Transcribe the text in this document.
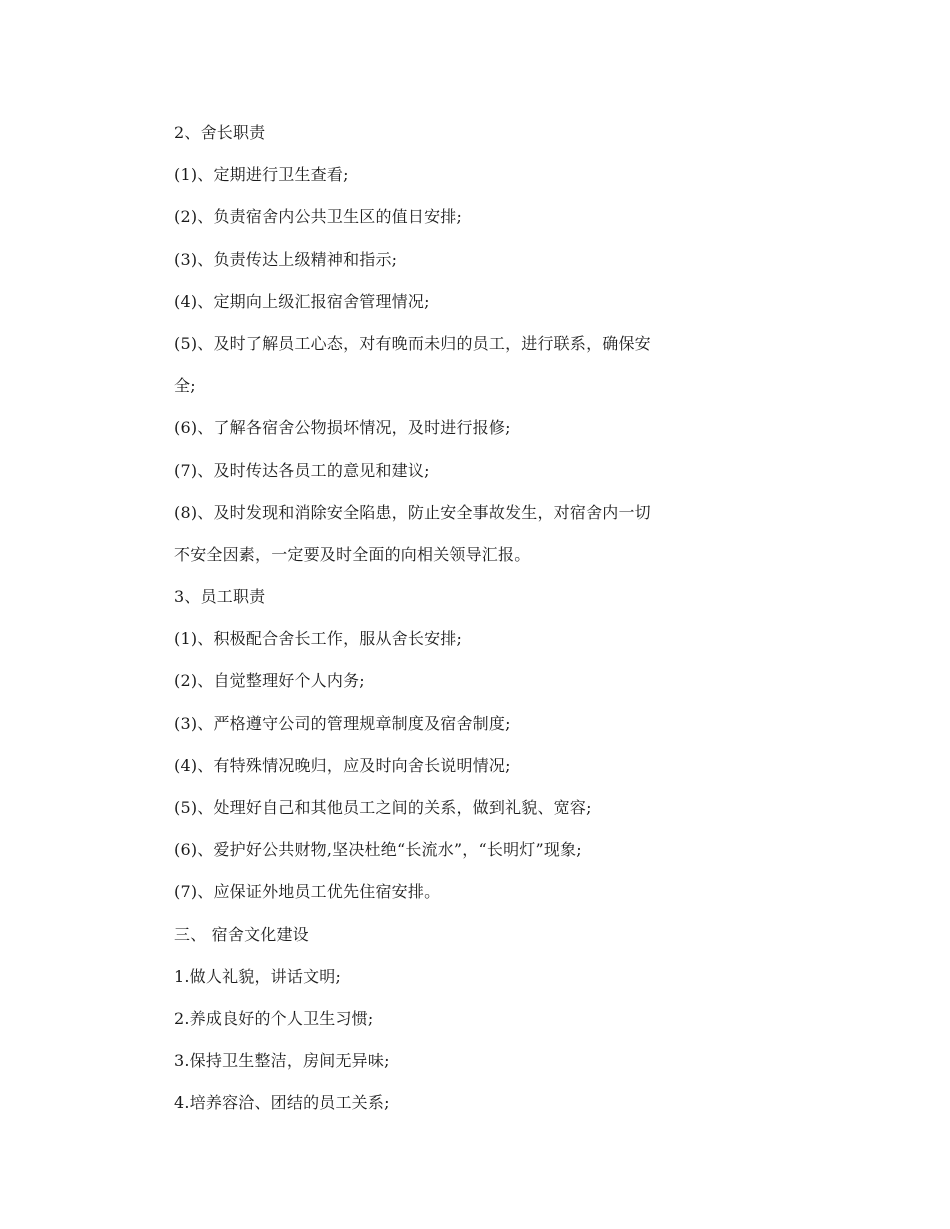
2、舍长职责
(1)、定期进行卫生查看;
(2)、负责宿舍内公共卫生区的值日安排;
(3)、负责传达上级精神和指示;
(4)、定期向上级汇报宿舍管理情况;
(5)、及时了解员工心态，对有晚而未归的员工，进行联系，确保安
全;
(6)、了解各宿舍公物损坏情况，及时进行报修;
(7)、及时传达各员工的意见和建议;
(8)、及时发现和消除安全陷患，防止安全事故发生，对宿舍内一切
不安全因素，一定要及时全面的向相关领导汇报。
3、员工职责
(1)、积极配合舍长工作，服从舍长安排;
(2)、自觉整理好个人内务;
(3)、严格遵守公司的管理规章制度及宿舍制度;
(4)、有特殊情况晚归，应及时向舍长说明情况;
(5)、处理好自己和其他员工之间的关系，做到礼貌、宽容;
(6)、爱护好公共财物,坚决杜绝“长流水”，“长明灯”现象;
(7)、应保证外地员工优先住宿安排。
三、 宿舍文化建设
1.做人礼貌，讲话文明;
2.养成良好的个人卫生习惯;
3.保持卫生整洁，房间无异味;
4.培养容洽、团结的员工关系;
